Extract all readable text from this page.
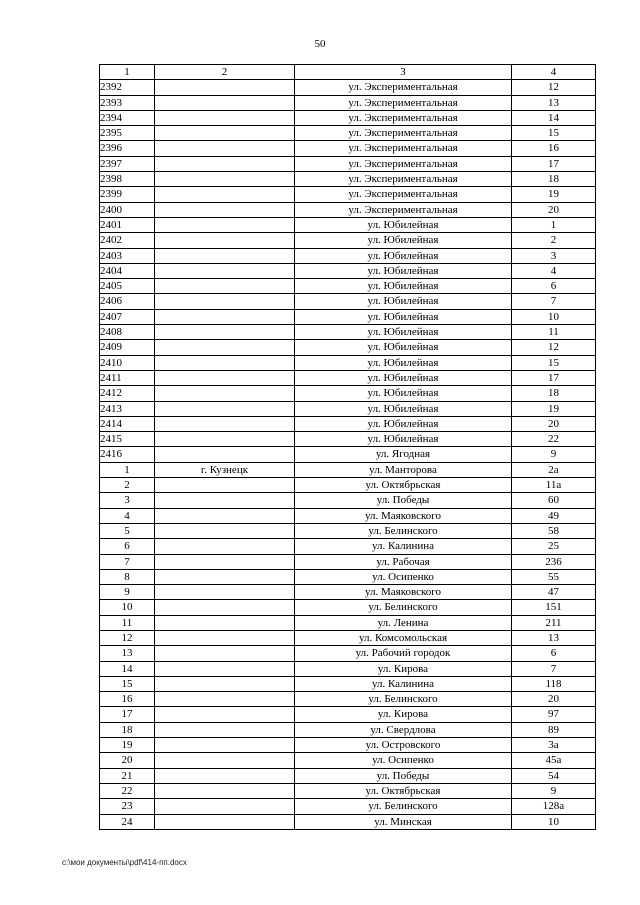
50
1	2	3	4
2392		ул. Экспериментальная	12
2393		ул. Экспериментальная	13
2394		ул. Экспериментальная	14
2395		ул. Экспериментальная	15
2396		ул. Экспериментальная	16
2397		ул. Экспериментальная	17
2398		ул. Экспериментальная	18
2399		ул. Экспериментальная	19
2400		ул. Экспериментальная	20
2401		ул. Юбилейная	1
2402		ул. Юбилейная	2
2403		ул. Юбилейная	3
2404		ул. Юбилейная	4
2405		ул. Юбилейная	6
2406		ул. Юбилейная	7
2407		ул. Юбилейная	10
2408		ул. Юбилейная	11
2409		ул. Юбилейная	12
2410		ул. Юбилейная	15
2411		ул. Юбилейная	17
2412		ул. Юбилейная	18
2413		ул. Юбилейная	19
2414		ул. Юбилейная	20
2415		ул. Юбилейная	22
2416		ул. Ягодная	9
1	г. Кузнецк	ул. Манторова	2а
2		ул. Октябрьская	11а
3		ул. Победы	60
4		ул. Маяковского	49
5		ул. Белинского	58
6		ул. Калинина	25
7		ул. Рабочая	236
8		ул. Осипенко	55
9		ул. Маяковского	47
10		ул. Белинского	151
11		ул. Ленина	211
12		ул. Комсомольская	13
13		ул. Рабочий городок	6
14		ул. Кирова	7
15		ул. Калинина	118
16		ул. Белинского	20
17		ул. Кирова	97
18		ул. Свердлова	89
19		ул. Островского	3а
20		ул. Осипенко	45а
21		ул. Победы	54
22		ул. Октябрьская	9
23		ул. Белинского	128а
24		ул. Минская	10
c:\мои документы\pdf\414-пп.docx
